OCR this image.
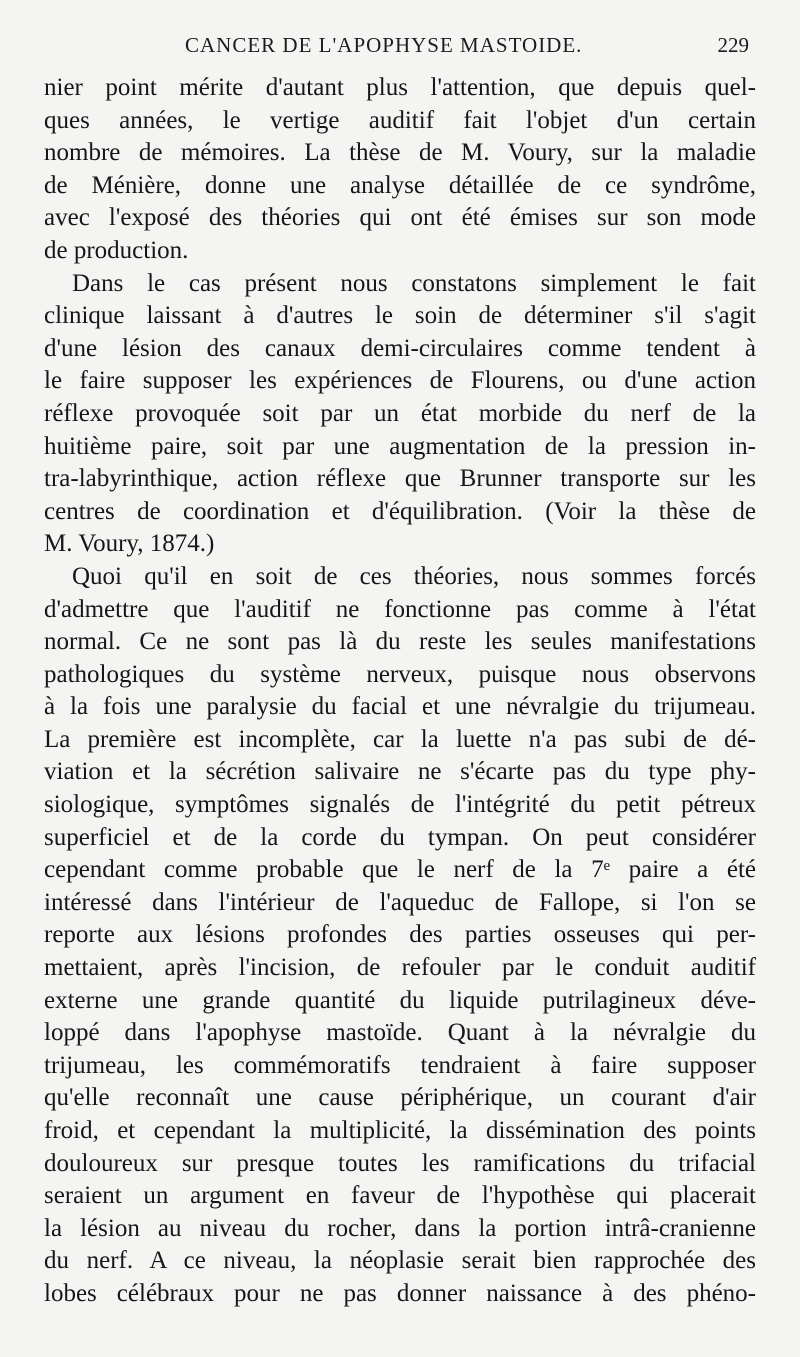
CANCER DE L'APOPHYSE MASTOIDE.	229
nier point mérite d'autant plus l'attention, que depuis quel-
ques années, le vertige auditif fait l'objet d'un certain
nombre de mémoires. La thèse de M. Voury, sur la maladie
de Ménière, donne une analyse détaillée de ce syndrôme,
avec l'exposé des théories qui ont été émises sur son mode
de production.
Dans le cas présent nous constatons simplement le fait
clinique laissant à d'autres le soin de déterminer s'il s'agit
d'une lésion des canaux demi-circulaires comme tendent à
le faire supposer les expériences de Flourens, ou d'une action
réflexe provoquée soit par un état morbide du nerf de la
huitième paire, soit par une augmentation de la pression in-
tra-labyrinthique, action réflexe que Brunner transporte sur les
centres de coordination et d'équilibration. (Voir la thèse de
M. Voury, 1874.)
Quoi qu'il en soit de ces théories, nous sommes forcés
d'admettre que l'auditif ne fonctionne pas comme à l'état
normal. Ce ne sont pas là du reste les seules manifestations
pathologiques du système nerveux, puisque nous observons
à la fois une paralysie du facial et une névralgie du trijumeau.
La première est incomplète, car la luette n'a pas subi de dé-
viation et la sécrétion salivaire ne s'écarte pas du type phy-
siologique, symptômes signalés de l'intégrité du petit pétreux
superficiel et de la corde du tympan. On peut considérer
cependant comme probable que le nerf de la 7ᵉ paire a été
intéressé dans l'intérieur de l'aqueduc de Fallope, si l'on se
reporte aux lésions profondes des parties osseuses qui per-
mettaient, après l'incision, de refouler par le conduit auditif
externe une grande quantité du liquide putrilagineux déve-
loppé dans l'apophyse mastoïde. Quant à la névralgie du
trijumeau, les commémoratifs tendraient à faire supposer
qu'elle reconnaît une cause périphérique, un courant d'air
froid, et cependant la multiplicité, la dissémination des points
douloureux sur presque toutes les ramifications du trifacial
seraient un argument en faveur de l'hypothèse qui placerait
la lésion au niveau du rocher, dans la portion intrâ-cranienne
du nerf. A ce niveau, la néoplasie serait bien rapprochée des
lobes célébraux pour ne pas donner naissance à des phéno-
